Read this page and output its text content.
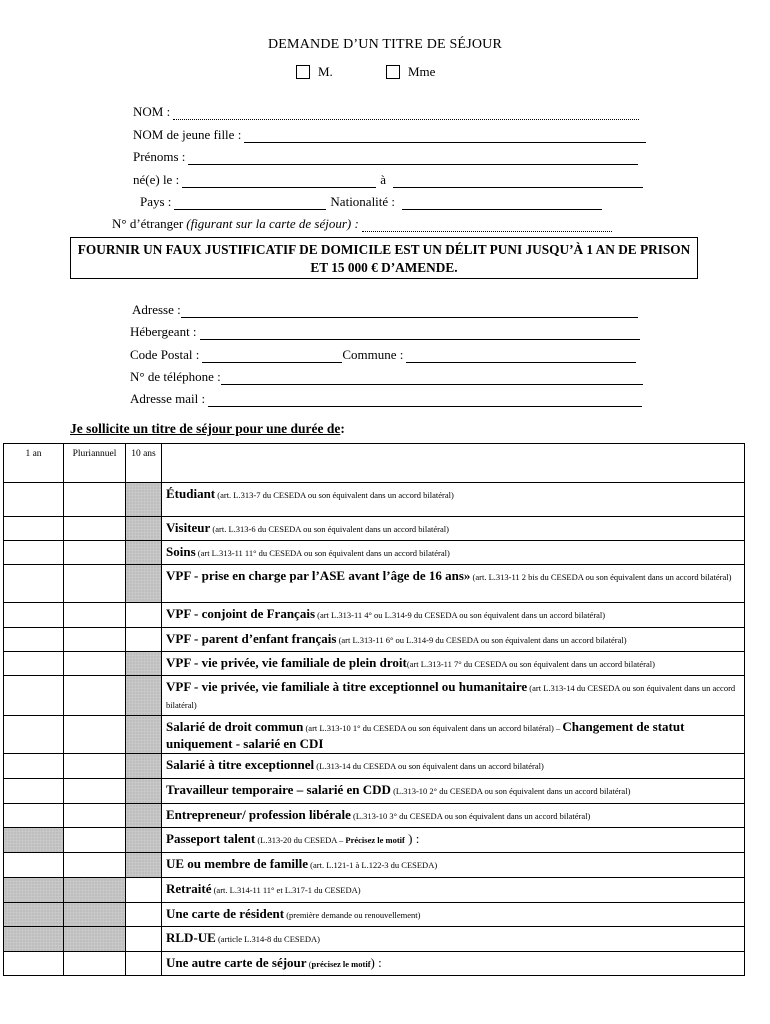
DEMANDE D’UN TITRE DE SÉJOUR
M.	Mme
NOM :
NOM de jeune fille :
Prénoms :
né(e) le :	à
Pays :	Nationalité :
N° d’étranger (figurant sur la carte de séjour) :
FOURNIR UN FAUX JUSTIFICATIF DE DOMICILE EST UN DÉLIT PUNI JUSQU’À 1 AN DE PRISON ET 15 000 € D’AMENDE.
Adresse :
Hébergeant :
Code Postal :	Commune :
N° de téléphone :
Adresse mail :
Je sollicite un titre de séjour pour une durée de:
1 an	Pluriannuel	10 ans	
			Étudiant (art. L.313-7 du CESEDA ou son équivalent dans un accord bilatéral)
			Visiteur (art. L.313-6 du CESEDA ou son équivalent dans un accord bilatéral)
			Soins (art L.313-11 11° du CESEDA ou son équivalent dans un accord bilatéral)
			VPF - prise en charge par l’ASE avant l’âge de 16 ans» (art. L.313-11 2 bis du CESEDA ou son équivalent dans un accord bilatéral)
			VPF - conjoint de Français (art L.313-11 4° ou L.314-9 du CESEDA ou son équivalent dans un accord bilatéral)
			VPF - parent d’enfant français (art L.313-11 6° ou L.314-9 du CESEDA ou son équivalent dans un accord bilatéral)
			VPF - vie privée, vie familiale de plein droit(art L.313-11 7° du CESEDA ou son équivalent dans un accord bilatéral)
			VPF - vie privée, vie familiale à titre exceptionnel ou humanitaire (art L.313-14 du CESEDA ou son équivalent dans un accord bilatéral)
			Salarié de droit commun (art L.313-10 1° du CESEDA ou son équivalent dans un accord bilatéral) – Changement de statut uniquement - salarié en CDI
			Salarié à titre exceptionnel (L.313-14 du CESEDA ou son équivalent dans un accord bilatéral)
			Travailleur temporaire – salarié en CDD (L.313-10 2° du CESEDA ou son équivalent dans un accord bilatéral)
			Entrepreneur/ profession libérale (L.313-10 3° du CESEDA ou son équivalent dans un accord bilatéral)
			Passeport talent (L.313-20 du CESEDA – Précisez le motif ) :
			UE ou membre de famille (art. L.121-1 à L.122-3 du CESEDA)
			Retraité (art. L.314-11 11° et L.317-1 du CESEDA)
			Une carte de résident (première demande ou renouvellement)
			RLD-UE (article L.314-8 du CESEDA)
			Une autre carte de séjour (précisez le motif) :
